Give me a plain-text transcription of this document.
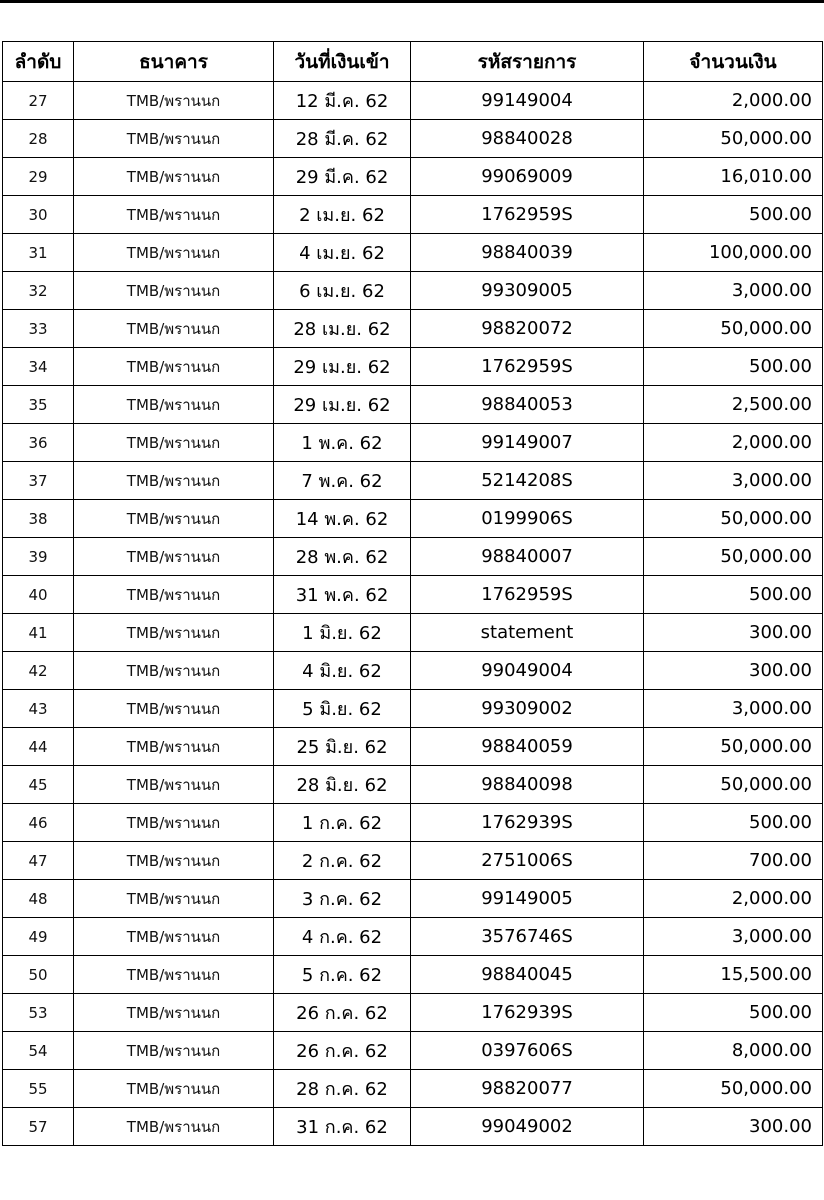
ลำดับ	ธนาคาร	วันที่เงินเข้า	รหัสรายการ	จำนวนเงิน
27	TMB/พรานนก	12 มี.ค. 62	99149004	2,000.00
28	TMB/พรานนก	28 มี.ค. 62	98840028	50,000.00
29	TMB/พรานนก	29 มี.ค. 62	99069009	16,010.00
30	TMB/พรานนก	2 เม.ย. 62	1762959S	500.00
31	TMB/พรานนก	4 เม.ย. 62	98840039	100,000.00
32	TMB/พรานนก	6 เม.ย. 62	99309005	3,000.00
33	TMB/พรานนก	28 เม.ย. 62	98820072	50,000.00
34	TMB/พรานนก	29 เม.ย. 62	1762959S	500.00
35	TMB/พรานนก	29 เม.ย. 62	98840053	2,500.00
36	TMB/พรานนก	1 พ.ค. 62	99149007	2,000.00
37	TMB/พรานนก	7 พ.ค. 62	5214208S	3,000.00
38	TMB/พรานนก	14 พ.ค. 62	0199906S	50,000.00
39	TMB/พรานนก	28 พ.ค. 62	98840007	50,000.00
40	TMB/พรานนก	31 พ.ค. 62	1762959S	500.00
41	TMB/พรานนก	1 มิ.ย. 62	statement	300.00
42	TMB/พรานนก	4 มิ.ย. 62	99049004	300.00
43	TMB/พรานนก	5 มิ.ย. 62	99309002	3,000.00
44	TMB/พรานนก	25 มิ.ย. 62	98840059	50,000.00
45	TMB/พรานนก	28 มิ.ย. 62	98840098	50,000.00
46	TMB/พรานนก	1 ก.ค. 62	1762939S	500.00
47	TMB/พรานนก	2 ก.ค. 62	2751006S	700.00
48	TMB/พรานนก	3 ก.ค. 62	99149005	2,000.00
49	TMB/พรานนก	4 ก.ค. 62	3576746S	3,000.00
50	TMB/พรานนก	5 ก.ค. 62	98840045	15,500.00
53	TMB/พรานนก	26 ก.ค. 62	1762939S	500.00
54	TMB/พรานนก	26 ก.ค. 62	0397606S	8,000.00
55	TMB/พรานนก	28 ก.ค. 62	98820077	50,000.00
57	TMB/พรานนก	31 ก.ค. 62	99049002	300.00
